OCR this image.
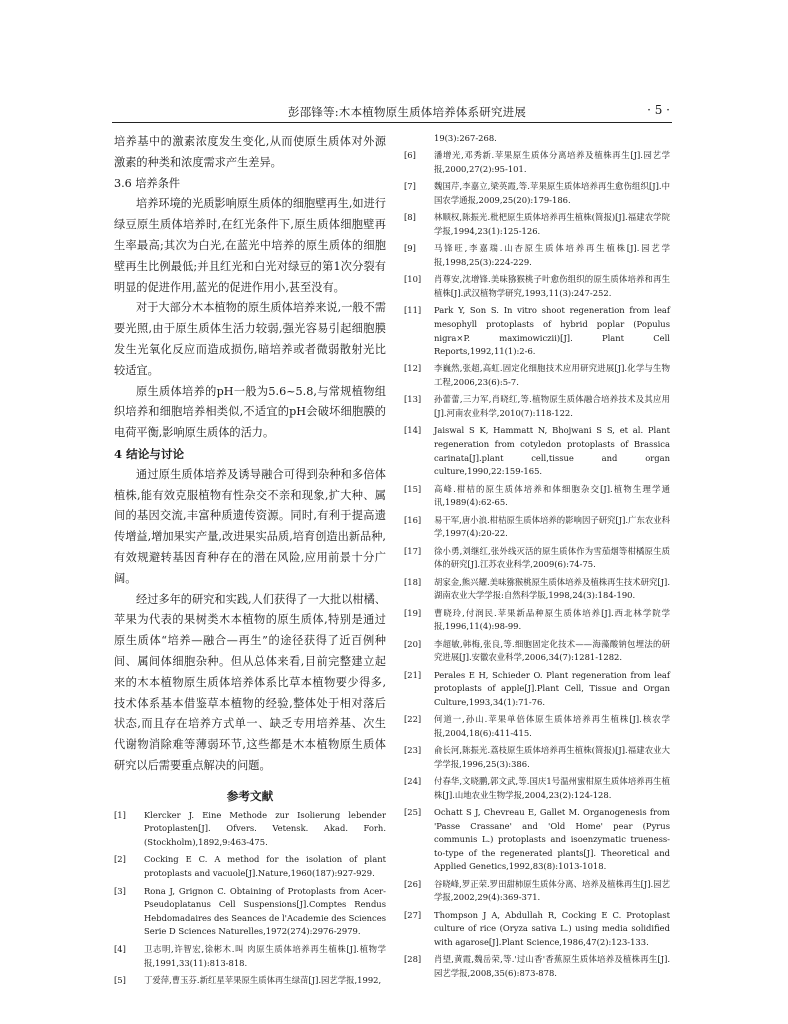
彭邵锋等:木本植物原生质体培养体系研究进展	· 5 ·

培养基中的激素浓度发生变化,从而使原生质体对外源激素的种类和浓度需求产生差异。

3.6 培养条件

培养环境的光质影响原生质体的细胞壁再生,如进行绿豆原生质体培养时,在红光条件下,原生质体细胞壁再生率最高;其次为白光,在蓝光中培养的原生质体的细胞壁再生比例最低;并且红光和白光对绿豆的第1次分裂有明显的促进作用,蓝光的促进作用小,甚至没有。

对于大部分木本植物的原生质体培养来说,一般不需要光照,由于原生质体生活力较弱,强光容易引起细胞膜发生光氧化反应而造成损伤,暗培养或者微弱散射光比较适宜。

原生质体培养的pH一般为5.6~5.8,与常规植物组织培养和细胞培养相类似,不适宜的pH会破坏细胞膜的电荷平衡,影响原生质体的活力。

4 结论与讨论

通过原生质体培养及诱导融合可得到杂种和多倍体植株,能有效克服植物有性杂交不亲和现象,扩大种、属间的基因交流,丰富种质遗传资源。同时,有利于提高遗传增益,增加果实产量,改进果实品质,培育创造出新品种,有效规避转基因育种存在的潜在风险,应用前景十分广阔。

经过多年的研究和实践,人们获得了一大批以柑橘、苹果为代表的果树类木本植物的原生质体,特别是通过原生质体“培养—融合—再生”的途径获得了近百例种间、属间体细胞杂种。但从总体来看,目前完整建立起来的木本植物原生质体培养体系比草本植物要少得多,技术体系基本借鉴草本植物的经验,整体处于相对落后状态,而且存在培养方式单一、缺乏专用培养基、次生代谢物消除难等薄弱环节,这些都是木本植物原生质体研究以后需要重点解决的问题。

参考文献

[1] Klercker J. Eine Methode zur Isolierung lebender Protoplasten[J]. Ofvers. Vetensk. Akad. Forh. (Stockholm),1892,9:463-475.

[2] Cocking E C. A method for the isolation of plant protoplasts and vacuole[J].Nature,1960(187):927-929.

[3] Rona J, Grignon C. Obtaining of Protoplasts from Acer-Pseudoplatanus Cell Suspensions[J].Comptes Rendus Hebdomadaires des Seances de l'Academie des Sciences Serie D Sciences Naturelles,1972(274):2976-2979.

[4] 卫志明,许智宏,徐彬木.叫 肉原生质体培养再生植株[J].植物学报,1991,33(11):813-818.

[5] 丁爱萍,曹玉芬.新红星苹果原生质体再生绿苗[J].园艺学报,1992,

19(3):267-268.

[6] 潘增光,邓秀新.苹果原生质体分离培养及植株再生[J].园艺学报,2000,27(2):95-101.

[7] 魏国芹,李嘉立,梁英霞,等.苹果原生质体培养再生愈伤组织[J].中国农学通报,2009,25(20):179-186.

[8] 林顺权,陈振光.枇杷原生质体培养再生植株(简报)[J].福建农学院学报,1994,23(1):125-126.

[9] 马锋旺,李嘉瑞.山杏原生质体培养再生植株[J].园艺学报,1998,25(3):224-229.

[10] 肖尊安,沈增锋.美味猕猴桃子叶愈伤组织的原生质体培养和再生植株[J].武汉植物学研究,1993,11(3):247-252.

[11] Park Y, Son S. In vitro shoot regeneration from leaf mesophyll protoplasts of hybrid poplar (Populus nigra×P. maximowiczii)[J]. Plant Cell Reports,1992,11(1):2-6.

[12] 李巍然,张超,高虹.固定化细胞技术应用研究进展[J].化学与生物工程,2006,23(6):5-7.

[13] 孙蕾蕾,三力军,肖晓红,等.植物原生质体融合培养技术及其应用[J].河南农业科学,2010(7):118-122.

[14] Jaiswal S K, Hammatt N, Bhojwani S S, et al. Plant regeneration from cotyledon protoplasts of Brassica carinata[J].plant cell,tissue and organ culture,1990,22:159-165.

[15] 高峰.柑桔的原生质体培养和体细胞杂交[J].植物生理学通讯,1989(4):62-65.

[16] 易干军,唐小浪.柑桔原生质体培养的影响因子研究[J].广东农业科学,1997(4):20-22.

[17] 徐小勇,刘继红,张外线灭活的原生质体作为雪茄烟等柑橘原生质体的研究[J].江苏农业科学,2009(6):74-75.

[18] 胡家金,熊兴耀.美味猕猴桃原生质体培养及植株再生技术研究[J].湖南农业大学学报:自然科学版,1998,24(3):184-190.

[19] 曹晓玲,付润民.苹果新品种原生质体培养[J].西北林学院学报,1996,11(4):98-99.

[20] 李超敏,韩梅,张良,等.细胞固定化技术——海藻酸钠包埋法的研究进展[J].安徽农业科学,2006,34(7):1281-1282.

[21] Perales E H, Schieder O. Plant regeneration from leaf protoplasts of apple[J].Plant Cell, Tissue and Organ Culture,1993,34(1):71-76.

[22] 何道一,孙山.苹果单倍体原生质体培养再生植株[J].核农学报,2004,18(6):411-415.

[23] 俞长河,陈振光.荔枝原生质体培养再生植株(简报)[J].福建农业大学学报,1996,25(3):386.

[24] 付春华,文晓鹏,郭文武,等.国庆1号温州蜜柑原生质体培养再生植株[J].山地农业生物学报,2004,23(2):124-128.

[25] Ochatt S J, Chevreau E, Gallet M. Organogenesis from 'Passe Crassane' and 'Old Home' pear (Pyrus communis L.) protoplasts and isoenzymatic trueness-to-type of the regenerated plants[J]. Theoretical and Applied Genetics,1992,83(8):1013-1018.

[26] 谷晓峰,罗正荣.罗田甜柿原生质体分离、培养及植株再生[J].园艺学报,2002,29(4):369-371.

[27] Thompson J A, Abdullah R, Cocking E C. Protoplast culture of rice (Oryza sativa L.) using media solidified with agarose[J].Plant Science,1986,47(2):123-133.

[28] 肖望,黄霞,魏岳荣,等.'过山香'香蕉原生质体培养及植株再生[J].园艺学报,2008,35(6):873-878.
